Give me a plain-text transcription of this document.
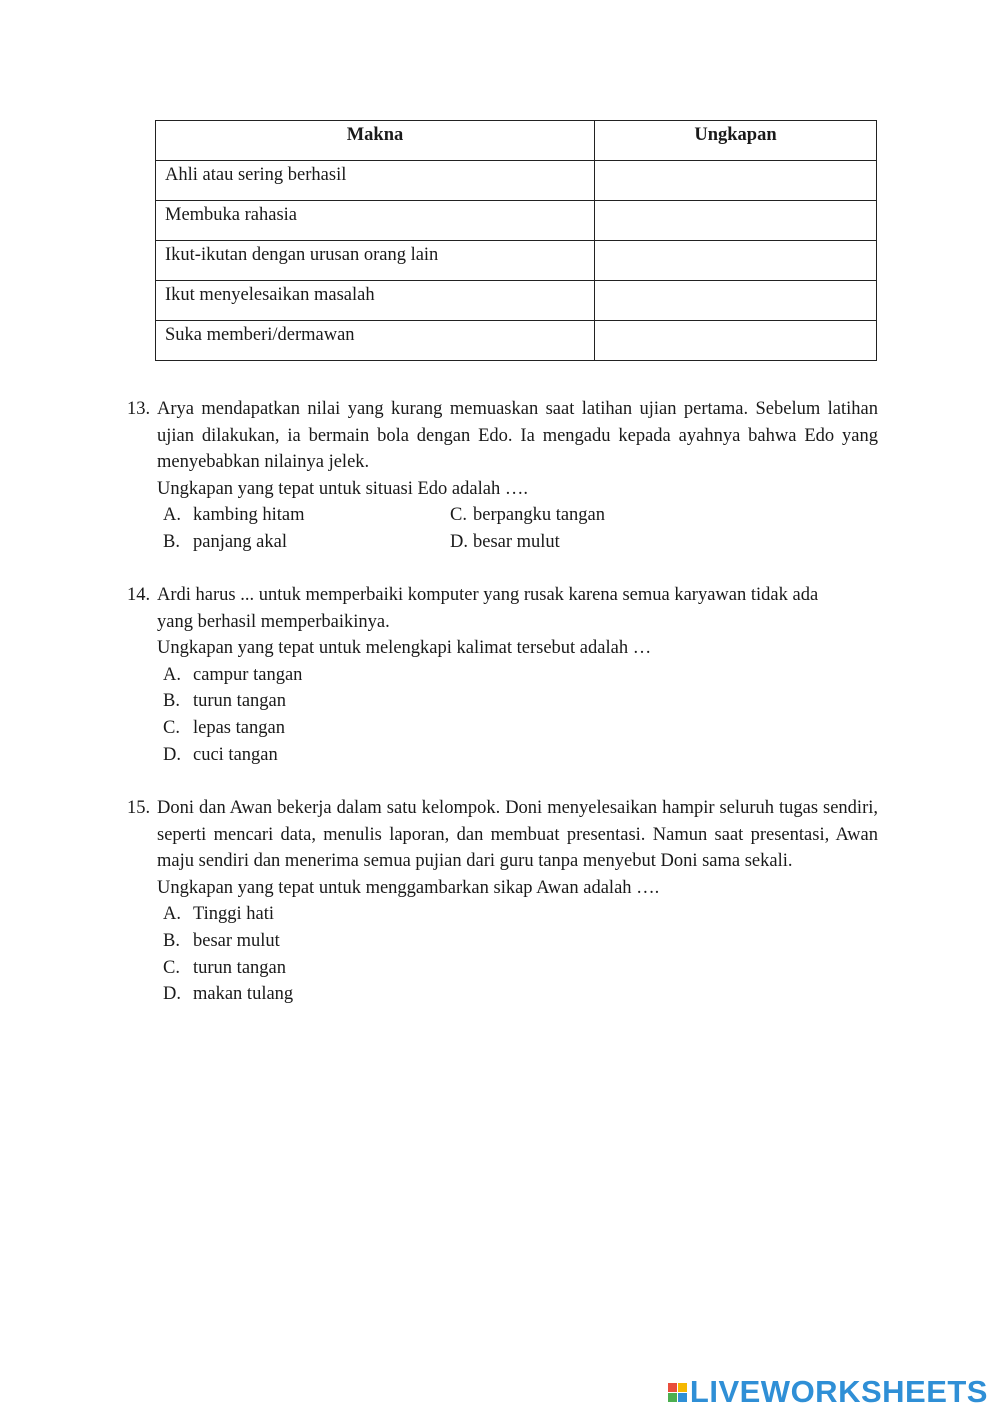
Makna	Ungkapan
Ahli atau sering berhasil	
Membuka rahasia	
Ikut-ikutan dengan urusan orang lain	
Ikut menyelesaikan masalah	
Suka memberi/dermawan	
13. Arya mendapatkan nilai yang kurang memuaskan saat latihan ujian pertama. Sebelum latihan ujian dilakukan, ia bermain bola dengan Edo. Ia mengadu kepada ayahnya bahwa Edo yang menyebabkan nilainya jelek.
Ungkapan yang tepat untuk situasi Edo adalah ….
A. kambing hitam	C. berpangku tangan
B. panjang akal	D. besar mulut
14. Ardi harus ... untuk memperbaiki komputer yang rusak karena semua karyawan tidak ada yang berhasil memperbaikinya.
Ungkapan yang tepat untuk melengkapi kalimat tersebut adalah …
A. campur tangan
B. turun tangan
C. lepas tangan
D. cuci tangan
15. Doni dan Awan bekerja dalam satu kelompok. Doni menyelesaikan hampir seluruh tugas sendiri, seperti mencari data, menulis laporan, dan membuat presentasi. Namun saat presentasi, Awan maju sendiri dan menerima semua pujian dari guru tanpa menyebut Doni sama sekali.
Ungkapan yang tepat untuk menggambarkan sikap Awan adalah ….
A. Tinggi hati
B. besar mulut
C. turun tangan
D. makan tulang
LIVEWORKSHEETS
